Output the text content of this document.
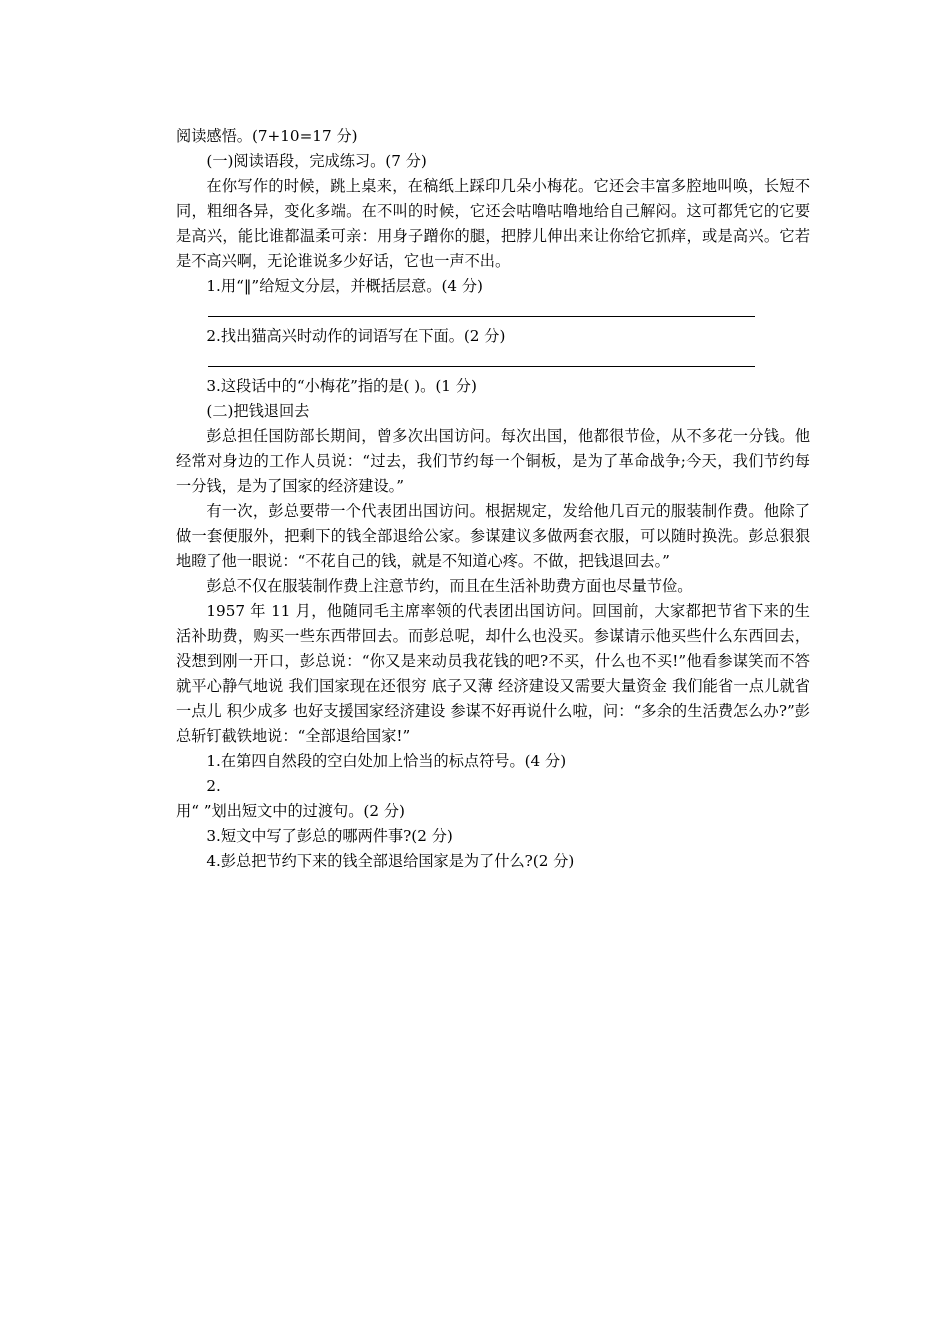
阅读感悟。(7+10=17 分)

(一)阅读语段，完成练习。(7 分)

在你写作的时候，跳上桌来，在稿纸上踩印几朵小梅花。它还会丰富多腔地叫唤，长短不同，粗细各异，变化多端。在不叫的时候，它还会咕噜咕噜地给自己解闷。这可都凭它的它要是高兴，能比谁都温柔可亲：用身子蹭你的腿，把脖儿伸出来让你给它抓痒，或是高兴。它若是不高兴啊，无论谁说多少好话，它也一声不出。

1.用“‖”给短文分层，并概括层意。(4 分)

2.找出猫高兴时动作的词语写在下面。(2 分)

3.这段话中的“小梅花”指的是( )。(1 分)

(二)把钱退回去

彭总担任国防部长期间，曾多次出国访问。每次出国，他都很节俭，从不多花一分钱。他经常对身边的工作人员说：“过去，我们节约每一个铜板，是为了革命战争;今天，我们节约每一分钱，是为了国家的经济建设。”

有一次，彭总要带一个代表团出国访问。根据规定，发给他几百元的服装制作费。他除了做一套便服外，把剩下的钱全部退给公家。参谋建议多做两套衣服，可以随时换洗。彭总狠狠地瞪了他一眼说：“不花自己的钱，就是不知道心疼。不做，把钱退回去。”

彭总不仅在服装制作费上注意节约，而且在生活补助费方面也尽量节俭。

1957 年 11 月，他随同毛主席率领的代表团出国访问。回国前，大家都把节省下来的生活补助费，购买一些东西带回去。而彭总呢，却什么也没买。参谋请示他买些什么东西回去，没想到刚一开口，彭总说：“你又是来动员我花钱的吧?不买，什么也不买!”他看参谋笑而不答 就平心静气地说 我们国家现在还很穷 底子又薄 经济建设又需要大量资金 我们能省一点儿就省一点儿 积少成多 也好支援国家经济建设 参谋不好再说什么啦，问：“多余的生活费怎么办?”彭总斩钉截铁地说：“全部退给国家!”

1.在第四自然段的空白处加上恰当的标点符号。(4 分)

2.

用“ ”划出短文中的过渡句。(2 分)

3.短文中写了彭总的哪两件事?(2 分)

4.彭总把节约下来的钱全部退给国家是为了什么?(2 分)
